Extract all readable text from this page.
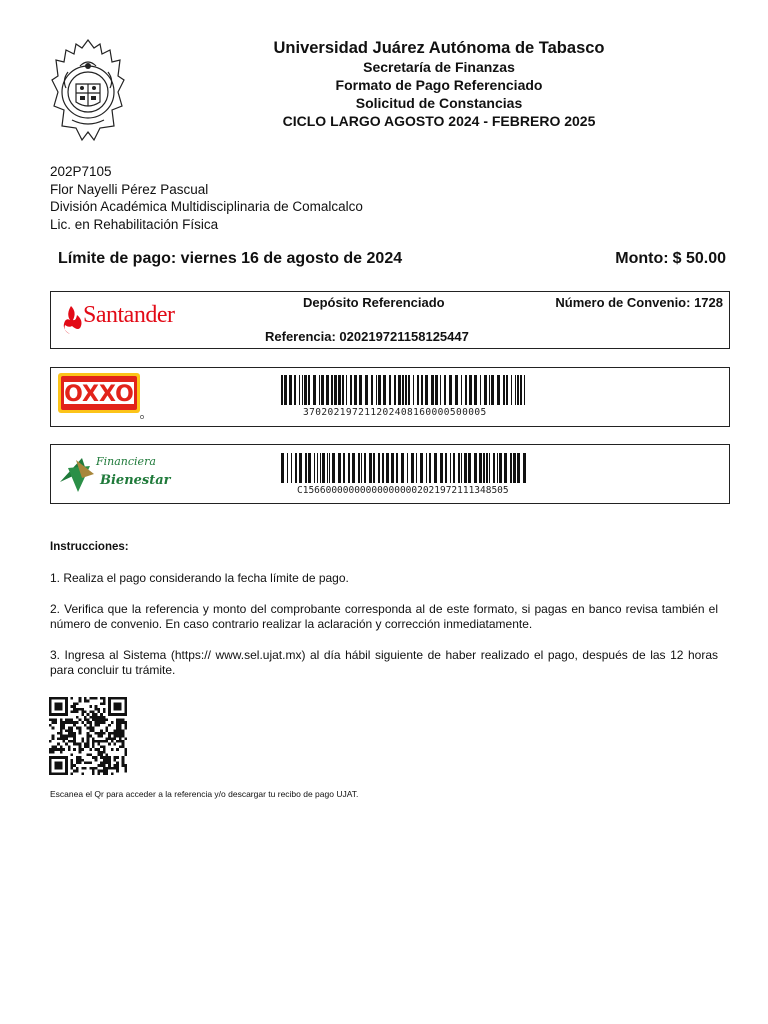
Universidad Juárez Autónoma de Tabasco
Secretaría de Finanzas
Formato de Pago Referenciado
Solicitud de Constancias
CICLO LARGO AGOSTO 2024 - FEBRERO 2025
202P7105
Flor Nayelli Pérez Pascual
División Académica Multidisciplinaria de Comalcalco
Lic. en Rehabilitación Física
Límite de pago: viernes 16 de agosto de 2024	Monto: $ 50.00
Santander	Depósito Referenciado	Número de Convenio: 1728
Referencia: 020219721158125447
OXXO
370202197211202408160000500005
Financiera
Bienestar
C156600000000000000002021972111348505
Instrucciones:
1. Realiza el pago considerando la fecha límite de pago.
2. Verifica que la referencia y monto del comprobante corresponda al de este formato, si pagas en banco revisa también el número de convenio. En caso contrario realizar la aclaración y corrección inmediatamente.
3. Ingresa al Sistema (https:// www.sel.ujat.mx) al día hábil siguiente de haber realizado el pago, después de las 12 horas para concluir tu trámite.
Escanea el Qr para acceder a la referencia y/o descargar tu recibo de pago UJAT.
